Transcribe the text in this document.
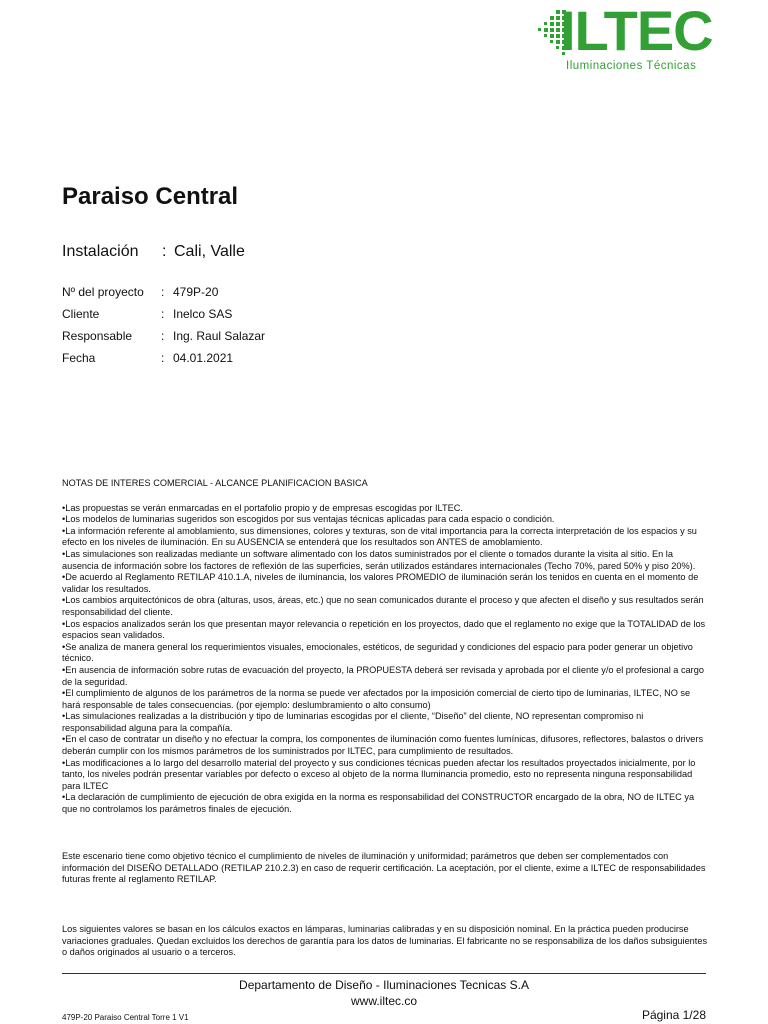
ILTEC
Iluminaciones Técnicas
Paraiso Central
Instalación	: Cali, Valle
Nº del proyecto : 479P-20
Cliente	: Inelco SAS
Responsable : Ing. Raul Salazar
Fecha	: 04.01.2021

NOTAS DE INTERES COMERCIAL - ALCANCE PLANIFICACION BASICA

•Las propuestas se verán enmarcadas en el portafolio propio y de empresas escogidas por ILTEC.

•Los modelos de luminarias sugeridos son escogidos por sus ventajas técnicas aplicadas para cada espacio o condición.

•La información referente al amoblamiento, sus dimensiones, colores y texturas, son de vital importancia para la correcta interpretación de los espacios y su efecto en los niveles de iluminación. En su AUSENCIA se entenderá que los resultados son ANTES de amoblamiento.

•Las simulaciones son realizadas mediante un software alimentado con los datos suministrados por el cliente o tomados durante la visita al sitio. En la ausencia de información sobre los factores de reflexión de las superficies, serán utilizados estándares internacionales (Techo 70%, pared 50% y piso 20%).

•De acuerdo al Reglamento RETILAP 410.1.A, niveles de iluminancia, los valores PROMEDIO de iluminación serán los tenidos en cuenta en el momento de validar los resultados.

•Los cambios arquitectónicos de obra (alturas, usos, áreas, etc.) que no sean comunicados durante el proceso y que afecten el diseño y sus resultados serán responsabilidad del cliente.

•Los espacios analizados serán los que presentan mayor relevancia o repetición en los proyectos, dado que el reglamento no exige que la TOTALIDAD de los espacios sean validados.

•Se analiza de manera general los requerimientos visuales, emocionales, estéticos, de seguridad y condiciones del espacio para poder generar un objetivo técnico.

•En ausencia de información sobre rutas de evacuación del proyecto, la PROPUESTA deberá ser revisada y aprobada por el cliente y/o el profesional a cargo de la seguridad.

•El cumplimiento de algunos de los parámetros de la norma se puede ver afectados por la imposición comercial de cierto tipo de luminarias, ILTEC, NO se hará responsable de tales consecuencias. (por ejemplo: deslumbramiento o alto consumo)

•Las simulaciones realizadas a la distribución y tipo de luminarias escogidas por el cliente, “Diseño” del cliente, NO representan compromiso ni responsabilidad alguna para la compañía.

•En el caso de contratar un diseño y no efectuar la compra, los componentes de iluminación como fuentes lumínicas, difusores, reflectores, balastos o drivers deberán cumplir con los mismos parámetros de los suministrados por ILTEC, para cumplimiento de resultados.

•Las modificaciones a lo largo del desarrollo material del proyecto y sus condiciones técnicas pueden afectar los resultados proyectados inicialmente, por lo tanto, los niveles podrán presentar variables por defecto o exceso al objeto de la norma Iluminancia promedio, esto no representa ninguna responsabilidad para ILTEC

•La declaración de cumplimiento de ejecución de obra exigida en la norma es responsabilidad del CONSTRUCTOR encargado de la obra, NO de ILTEC ya que no controlamos los parámetros finales de ejecución.

Este escenario tiene como objetivo técnico el cumplimiento de niveles de iluminación y uniformidad; parámetros que deben ser complementados con información del DISEÑO DETALLADO (RETILAP 210.2.3) en caso de requerir certificación. La aceptación, por el cliente, exime a ILTEC de responsabilidades futuras frente al reglamento RETILAP.

Los siguientes valores se basan en los cálculos exactos en lámparas, luminarias calibradas y en su disposición nominal. En la práctica pueden producirse variaciones graduales. Quedan excluidos los derechos de garantía para los datos de luminarias. El fabricante no se responsabiliza de los daños subsiguientes o daños originados al usuario o a terceros.

Departamento de Diseño - Iluminaciones Tecnicas S.A
www.iltec.co
479P-20 Paraiso Central Torre 1 V1	Página 1/28
